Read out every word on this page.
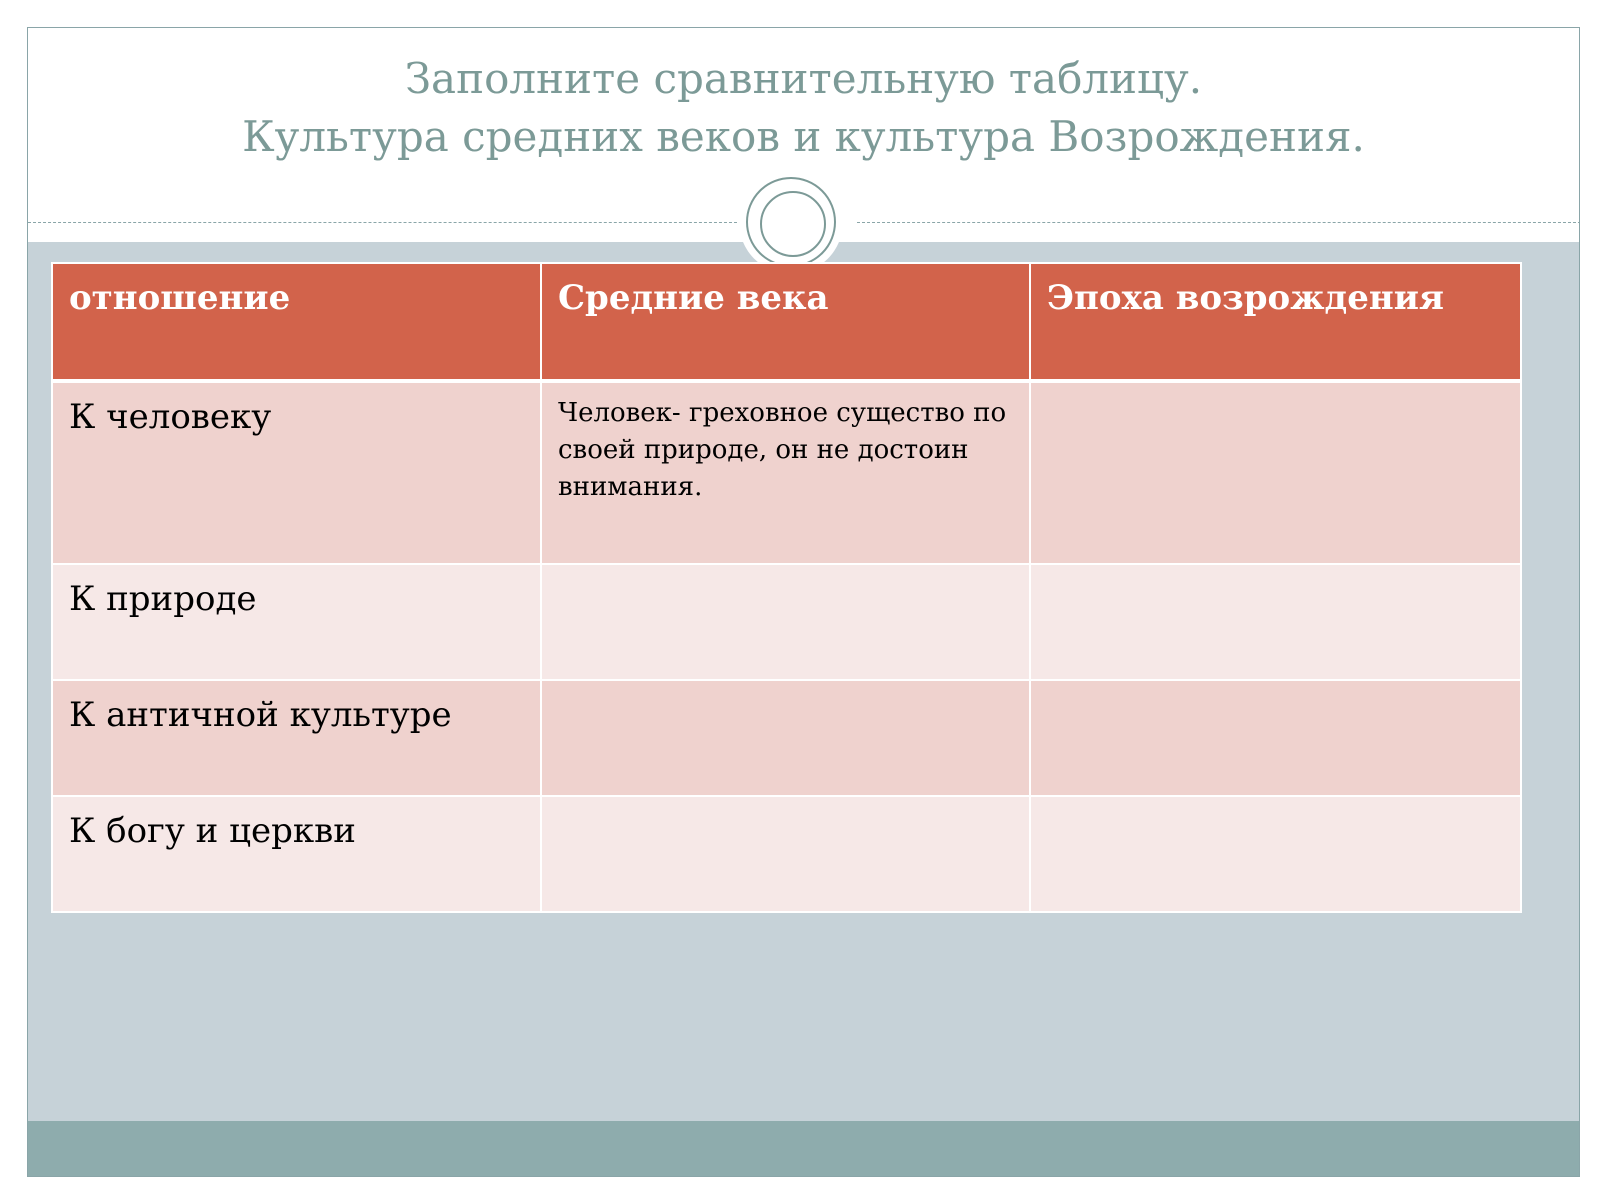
Заполните сравнительную таблицу.
Культура средних веков и культура Возрождения.
отношение	Средние века	Эпоха возрождения
К человеку	Человек- греховное существо по своей природе, он не достоин внимания.	
К природе		
К античной культуре		
К богу и церкви		
